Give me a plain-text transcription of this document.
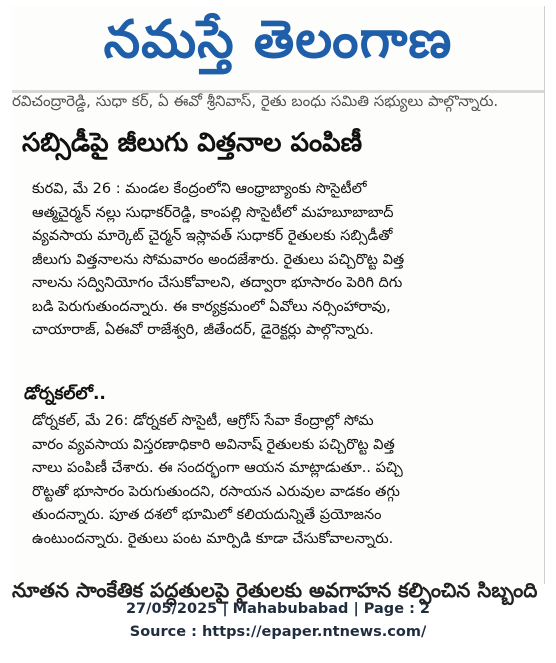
నమస్తే తెలంగాణ
రవిచంద్రారెడ్డి, సుధా కర్, ఏ ఈవో శ్రీనివాస్, రైతు బంధు సమితి సభ్యులు పాల్గొన్నారు.
సబ్సిడీపై జీలుగు విత్తనాల పంపిణీ
కురవి, మే 26 : మండల కేంద్రంలోని ఆంధ్రాబ్యాంకు సొసైటీలో
ఆత్మచైర్మన్ నల్లు సుధాకర్‌రెడ్డి, కాంపల్లి సొసైటీలో మహబూబాబాద్
వ్యవసాయ మార్కెట్ చైర్మన్ ఇస్లావత్ సుధాకర్ రైతులకు సబ్సిడీతో
జీలుగు విత్తనాలను సోమవారం అందజేశారు. రైతులు పచ్చిరొట్ట విత్త
నాలను సద్వినియోగం చేసుకోవాలని, తద్వారా భూసారం పెరిగి దిగు
బడి పెరుగుతుందన్నారు. ఈ కార్యక్రమంలో ఏవోలు నర్సింహారావు,
చాయారాజ్, ఏఈవో రాజేశ్వరి, జీతేందర్, డైరెక్టర్లు పాల్గొన్నారు.
డోర్నకల్‌లో..
డోర్నకల్, మే 26: డోర్నకల్ సొసైటీ, ఆగ్రోస్ సేవా కేంద్రాల్లో సోమ
వారం వ్యవసాయ విస్తరణాధికారి అవినాష్ రైతులకు పచ్చిరొట్ట విత్త
నాలు పంపిణీ చేశారు. ఈ సందర్భంగా ఆయన మాట్లాడుతూ.. పచ్చి
రొట్టతో భూసారం పెరుగుతుందని, రసాయన ఎరువుల వాడకం తగ్గు
తుందన్నారు. పూత దశలో భూమిలో కలియదున్నితే ప్రయోజనం
ఉంటుందన్నారు. రైతులు పంట మార్పిడి కూడా చేసుకోవాలన్నారు.
నూతన సాంకేతిక పద్ధతులపై రైతులకు అవగాహన కల్పించిన సిబ్బంది
27/05/2025 | Mahabubabad | Page : 2
Source : https://epaper.ntnews.com/
